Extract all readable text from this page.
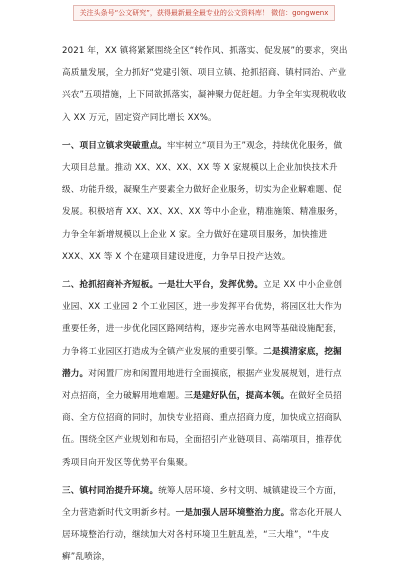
关注头条号“公文研究”，获得最新最全最专业的公文资料库！ 微信：gongwenx

2021 年，XX 镇将紧紧围绕全区“转作风、抓落实、促发展”的要求，突出高质量发展，全力抓好“党建引领、项目立镇、抢抓招商、镇村同治、产业兴农”五项措施，上下同欲抓落实，凝神聚力促赶超。力争全年实现税收收入 XX 万元，固定资产同比增长 XX%。

一、项目立镇求突破重点。牢牢树立“项目为王”观念，持续优化服务，做大项目总量。推动 XX、XX、XX、XX 等 X 家规模以上企业加快技术升级、功能升级，凝聚生产要素全力做好企业服务，切实为企业解难题、促发展。积极培育 XX、XX、XX、XX 等中小企业，精准施策、精准服务，力争全年新增规模以上企业 X 家。全力做好在建项目服务，加快推进 XXX、XX 等 X 个在建项目建设进度，力争早日投产达效。

二、抢抓招商补齐短板。一是壮大平台，发挥优势。立足 XX 中小企业创业园、XX 工业园 2 个工业园区，进一步发挥平台优势，将园区壮大作为重要任务，进一步优化园区路网结构，逐步完善水电网等基础设施配套，力争将工业园区打造成为全镇产业发展的重要引擎。二是摸清家底，挖掘潜力。对闲置厂房和闲置用地进行全面摸底，根据产业发展规划，进行点对点招商，全力破解用地难题。三是建好队伍，提高本领。在做好全员招商、全方位招商的同时，加快专业招商、重点招商力度，加快成立招商队伍。围绕全区产业规划和布局，全面招引产业链项目、高端项目，推荐优秀项目向开发区等优势平台集聚。

三、镇村同治提升环境。统筹人居环境、乡村文明、城镇建设三个方面，全力营造新时代文明新乡村。一是加强人居环境整治力度。常态化开展人居环境整治行动，继续加大对各村环境卫生脏乱差，“三大堆”，“牛皮癣”乱喷涂，
